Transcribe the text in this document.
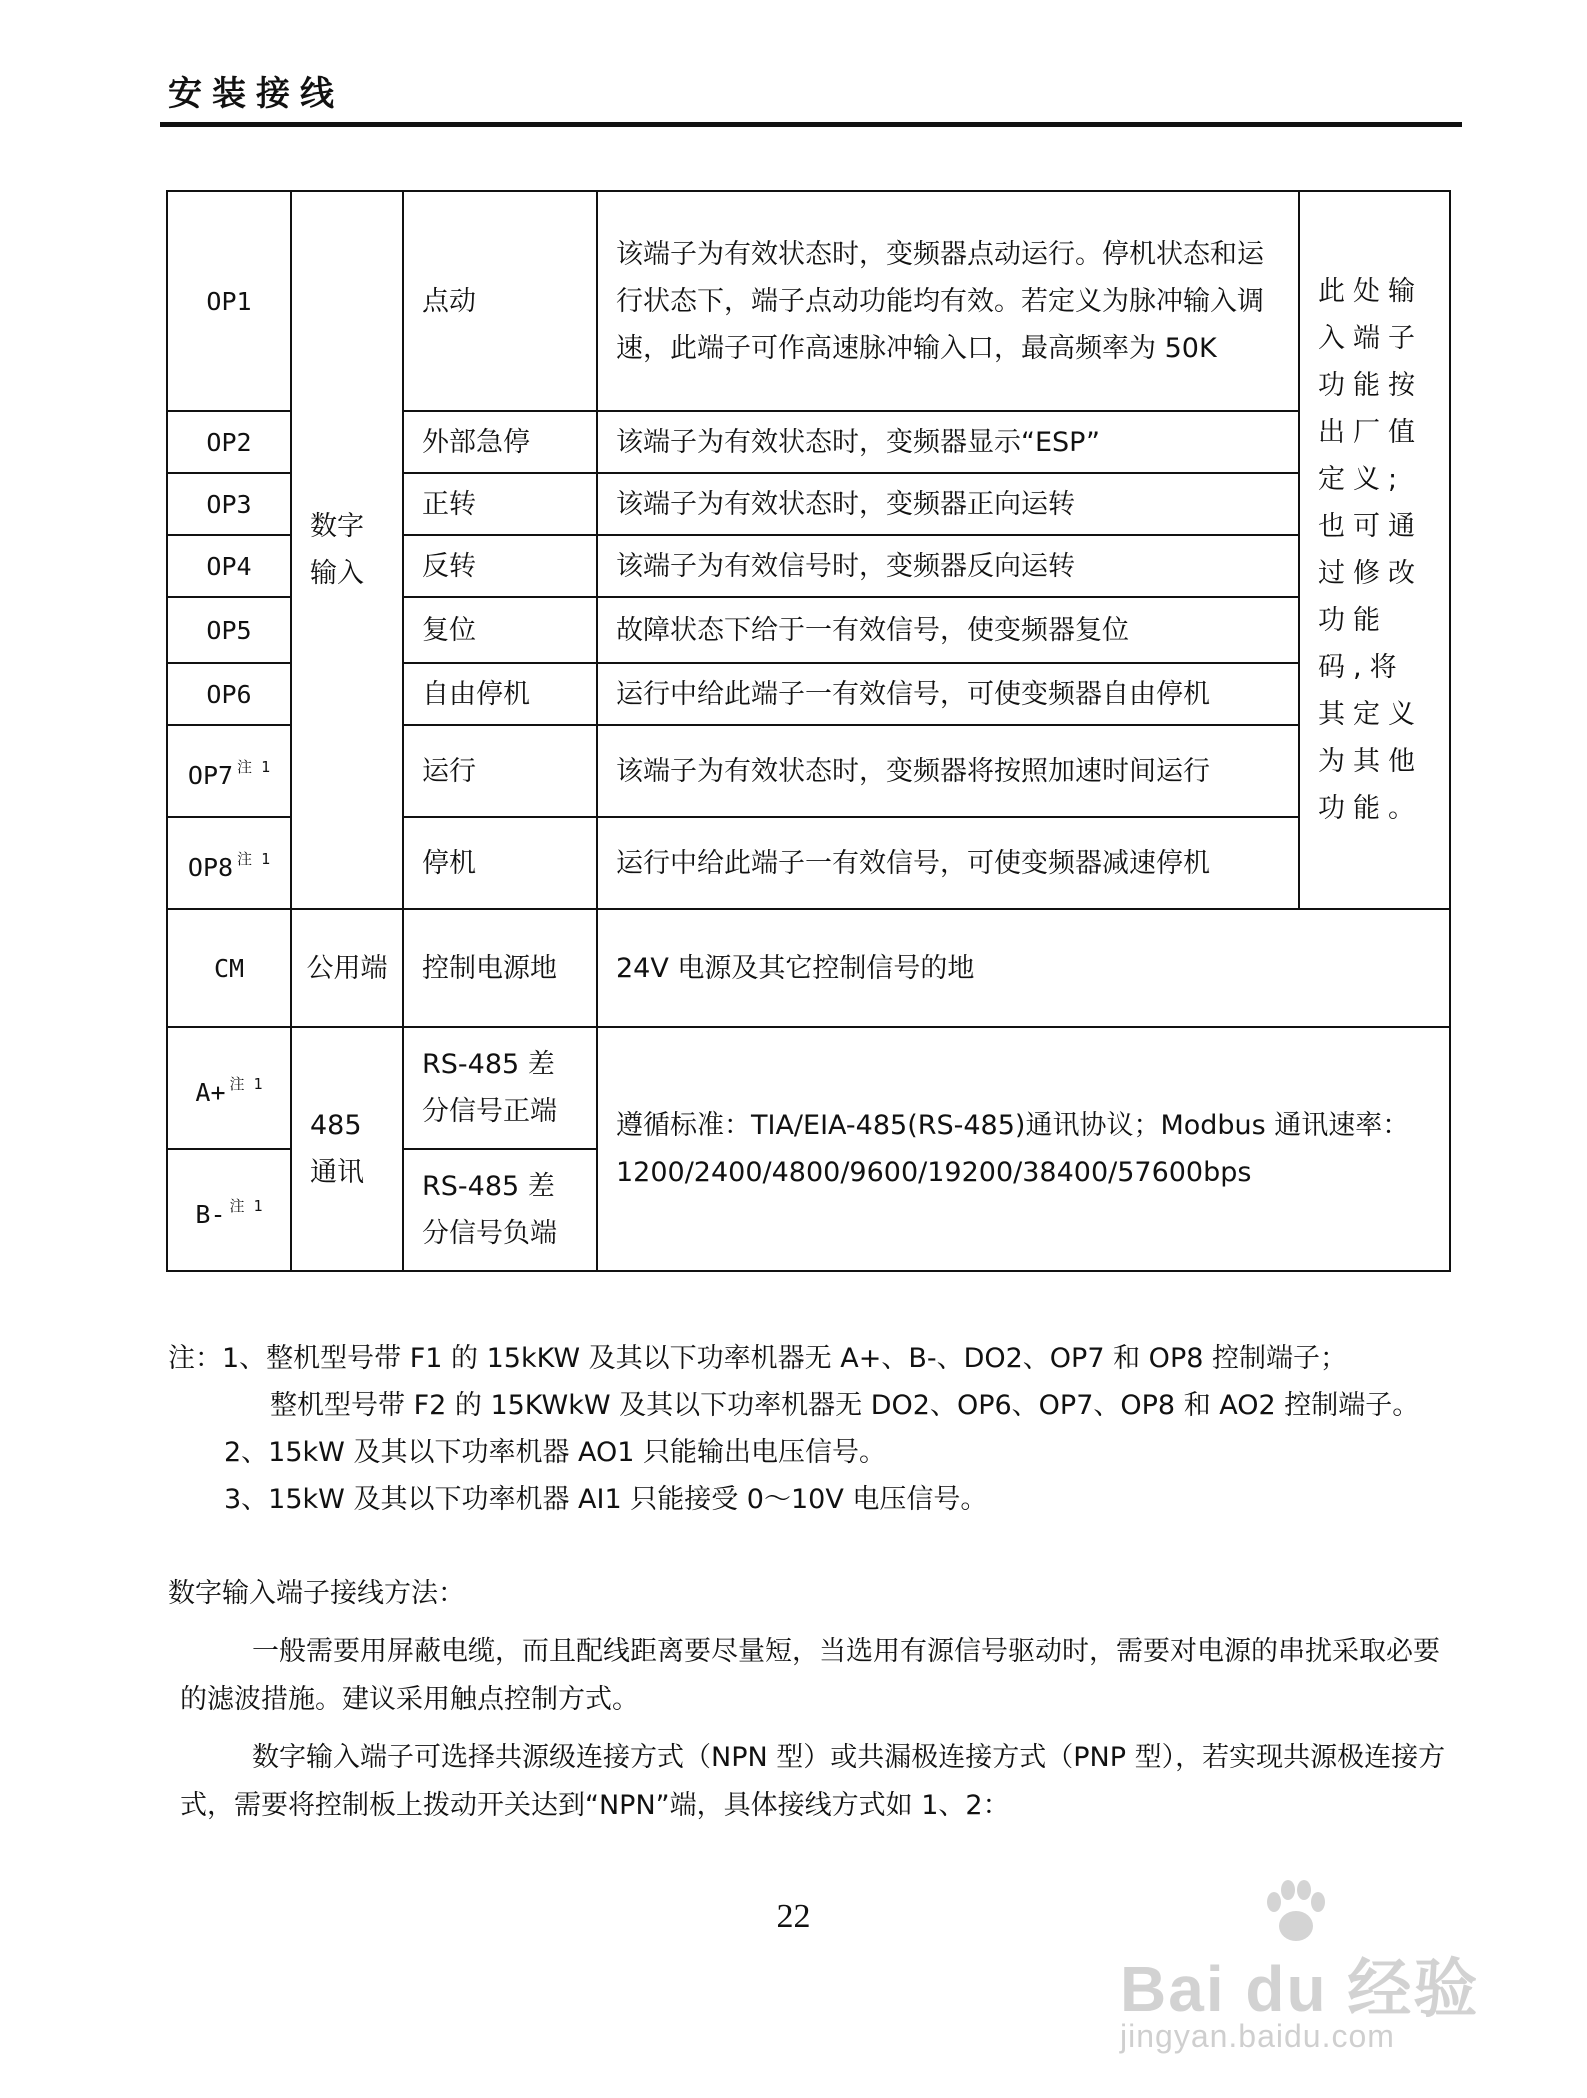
安装接线
OP1	数字输入	点动	该端子为有效状态时，变频器点动运行。停机状态和运行状态下，端子点动功能均有效。若定义为脉冲输入调速，此端子可作高速脉冲输入口，最高频率为 50K	此处输入端子功能按出厂值定义;也可通过修改功能码,将其定义为其他功能。
OP2		外部急停	该端子为有效状态时，变频器显示“ESP”	
OP3		正转	该端子为有效状态时，变频器正向运转	
OP4		反转	该端子为有效信号时，变频器反向运转	
OP5		复位	故障状态下给于一有效信号，使变频器复位	
OP6		自由停机	运行中给此端子一有效信号，可使变频器自由停机	
OP7 $^{注 1}$		运行	该端子为有效状态时，变频器将按照加速时间运行	
OP8 $^{注 1}$		停机	运行中给此端子一有效信号，可使变频器减速停机	
CM	公用端	控制电源地	24V 电源及其它控制信号的地	
A+ $^{注 1}$	485 通讯	RS-485 差分信号正端	遵循标准：TIA/EIA-485(RS-485)通讯协议；Modbus 通讯速率：1200/2400/4800/9600/19200/38400/57600bps	
B- $^{注 1}$		RS-485 差分信号负端		

注：1、整机型号带 F1 的 15kKW 及其以下功率机器无 A+、B-、DO2、OP7 和 OP8 控制端子；

整机型号带 F2 的 15KWkW 及其以下功率机器无 DO2、OP6、OP7、OP8 和 AO2 控制端子。

2、15kW 及其以下功率机器 AO1 只能输出电压信号。

3、15kW 及其以下功率机器 AI1 只能接受 0～10V 电压信号。

数字输入端子接线方法：

一般需要用屏蔽电缆，而且配线距离要尽量短，当选用有源信号驱动时，需要对电源的串扰采取必要的滤波措施。建议采用触点控制方式。

数字输入端子可选择共源级连接方式（NPN 型）或共漏极连接方式（PNP 型），若实现共源极连接方式，需要将控制板上拨动开关达到“NPN”端，具体接线方式如 1、2：

22
Bai du 经验
jingyan.baidu.com
